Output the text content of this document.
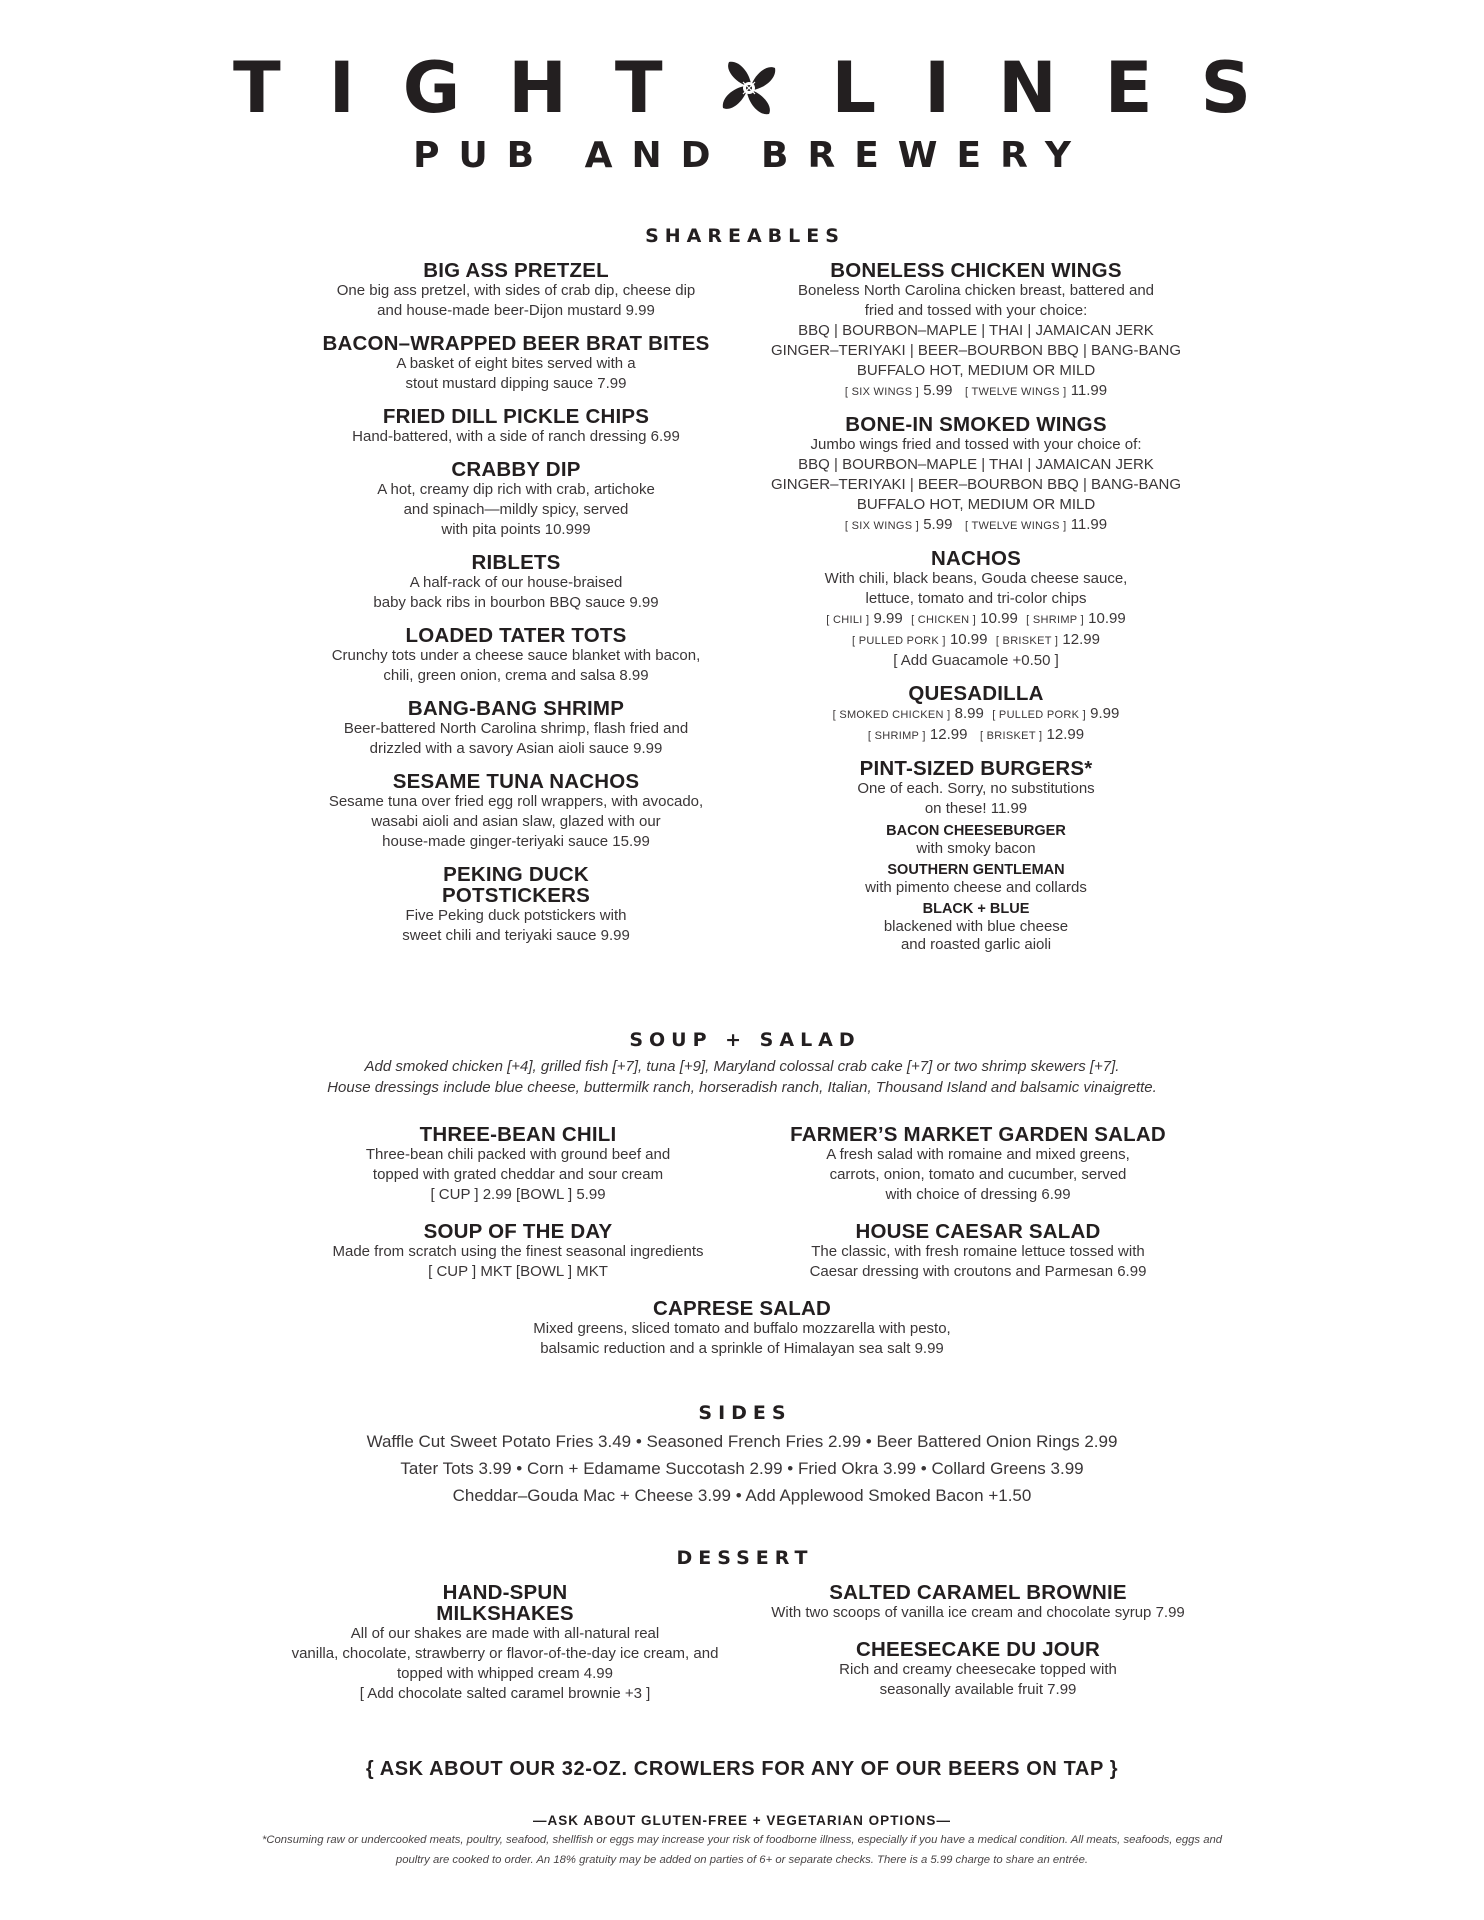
TIGHT LINES
PUB AND BREWERY
SHAREABLES
BIG ASS PRETZEL
One big ass pretzel, with sides of crab dip, cheese dip
and house-made beer-Dijon mustard 9.99
BACON–WRAPPED BEER BRAT BITES
A basket of eight bites served with a
stout mustard dipping sauce 7.99
FRIED DILL PICKLE CHIPS
Hand-battered, with a side of ranch dressing 6.99
CRABBY DIP
A hot, creamy dip rich with crab, artichoke
and spinach—mildly spicy, served
with pita points 10.999
RIBLETS
A half-rack of our house-braised
baby back ribs in bourbon BBQ sauce 9.99
LOADED TATER TOTS
Crunchy tots under a cheese sauce blanket with bacon,
chili, green onion, crema and salsa 8.99
BANG-BANG SHRIMP
Beer-battered North Carolina shrimp, flash fried and
drizzled with a savory Asian aioli sauce 9.99
SESAME TUNA NACHOS
Sesame tuna over fried egg roll wrappers, with avocado,
wasabi aioli and asian slaw, glazed with our
house-made ginger-teriyaki sauce 15.99
PEKING DUCK
POTSTICKERS
Five Peking duck potstickers with
sweet chili and teriyaki sauce 9.99
BONELESS CHICKEN WINGS
Boneless North Carolina chicken breast, battered and
fried and tossed with your choice:
BBQ | BOURBON–MAPLE | THAI | JAMAICAN JERK
GINGER–TERIYAKI | BEER–BOURBON BBQ | BANG-BANG
BUFFALO HOT, MEDIUM OR MILD
[ SIX WINGS ] 5.99 [ TWELVE WINGS ] 11.99
BONE-IN SMOKED WINGS
Jumbo wings fried and tossed with your choice of:
BBQ | BOURBON–MAPLE | THAI | JAMAICAN JERK
GINGER–TERIYAKI | BEER–BOURBON BBQ | BANG-BANG
BUFFALO HOT, MEDIUM OR MILD
[ SIX WINGS ] 5.99 [ TWELVE WINGS ] 11.99
NACHOS
With chili, black beans, Gouda cheese sauce,
lettuce, tomato and tri-color chips
[ CHILI ] 9.99 [ CHICKEN ] 10.99 [ SHRIMP ] 10.99
[ PULLED PORK ] 10.99 [ BRISKET ] 12.99
[ Add Guacamole +0.50 ]
QUESADILLA
[ SMOKED CHICKEN ] 8.99 [ PULLED PORK ] 9.99
[ SHRIMP ] 12.99 [ BRISKET ] 12.99
PINT-SIZED BURGERS*
One of each. Sorry, no substitutions
on these! 11.99
BACON CHEESEBURGER
with smoky bacon
SOUTHERN GENTLEMAN
with pimento cheese and collards
BLACK + BLUE
blackened with blue cheese
and roasted garlic aioli
SOUP + SALAD
Add smoked chicken [+4], grilled fish [+7], tuna [+9], Maryland colossal crab cake [+7] or two shrimp skewers [+7].
House dressings include blue cheese, buttermilk ranch, horseradish ranch, Italian, Thousand Island and balsamic vinaigrette.
THREE-BEAN CHILI
Three-bean chili packed with ground beef and
topped with grated cheddar and sour cream
[ CUP ] 2.99 [BOWL ] 5.99
SOUP OF THE DAY
Made from scratch using the finest seasonal ingredients
[ CUP ] MKT [BOWL ] MKT
FARMER’S MARKET GARDEN SALAD
A fresh salad with romaine and mixed greens,
carrots, onion, tomato and cucumber, served
with choice of dressing 6.99
HOUSE CAESAR SALAD
The classic, with fresh romaine lettuce tossed with
Caesar dressing with croutons and Parmesan 6.99
CAPRESE SALAD
Mixed greens, sliced tomato and buffalo mozzarella with pesto,
balsamic reduction and a sprinkle of Himalayan sea salt 9.99
SIDES
Waffle Cut Sweet Potato Fries 3.49 • Seasoned French Fries 2.99 • Beer Battered Onion Rings 2.99
Tater Tots 3.99 • Corn + Edamame Succotash 2.99 • Fried Okra 3.99 • Collard Greens 3.99
Cheddar–Gouda Mac + Cheese 3.99 • Add Applewood Smoked Bacon +1.50
DESSERT
HAND-SPUN
MILKSHAKES
All of our shakes are made with all-natural real
vanilla, chocolate, strawberry or flavor-of-the-day ice cream, and
topped with whipped cream 4.99
[ Add chocolate salted caramel brownie +3 ]
SALTED CARAMEL BROWNIE
With two scoops of vanilla ice cream and chocolate syrup 7.99
CHEESECAKE DU JOUR
Rich and creamy cheesecake topped with
seasonally available fruit 7.99
{ ASK ABOUT OUR 32-OZ. CROWLERS FOR ANY OF OUR BEERS ON TAP }
—ASK ABOUT GLUTEN-FREE + VEGETARIAN OPTIONS—
*Consuming raw or undercooked meats, poultry, seafood, shellfish or eggs may increase your risk of foodborne illness, especially if you have a medical condition. All meats, seafoods, eggs and
poultry are cooked to order. An 18% gratuity may be added on parties of 6+ or separate checks. There is a 5.99 charge to share an entrée.
